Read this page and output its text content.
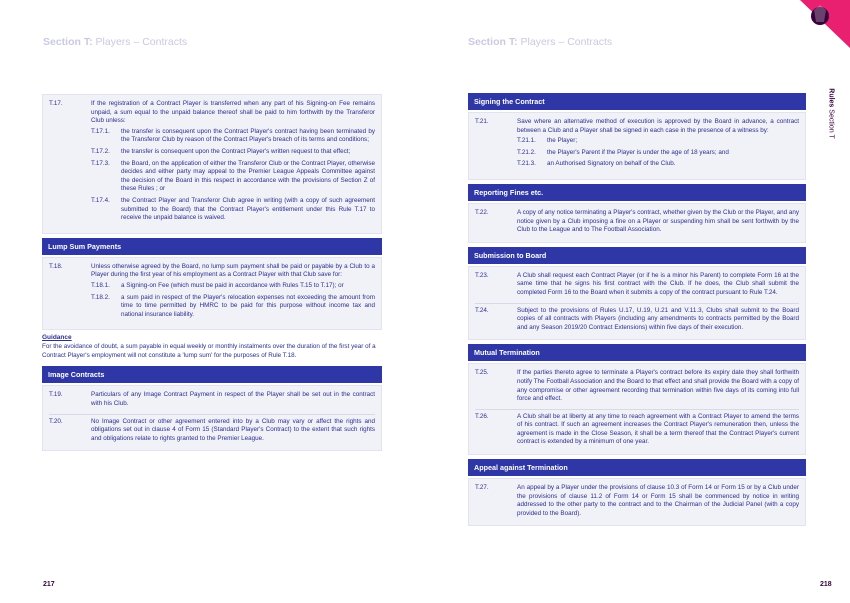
Section T: Players – Contracts	Section T: Players – Contracts
Rules Section T
217	218
T.17.	If the registration of a Contract Player is transferred when any part of his Signing-on Fee remains unpaid, a sum equal to the unpaid balance thereof shall be paid to him forthwith by the Transferor Club unless:
T.17.1.	the transfer is consequent upon the Contract Player's contract having been terminated by the Transferor Club by reason of the Contract Player's breach of its terms and conditions;
T.17.2.	the transfer is consequent upon the Contract Player's written request to that effect;
T.17.3.	the Board, on the application of either the Transferor Club or the Contract Player, otherwise decides and either party may appeal to the Premier League Appeals Committee against the decision of the Board in this respect in accordance with the provisions of Section Z of these Rules ; or
T.17.4.	the Contract Player and Transferor Club agree in writing (with a copy of such agreement submitted to the Board) that the Contract Player's entitlement under this Rule T.17 to receive the unpaid balance is waived.
Lump Sum Payments
T.18.	Unless otherwise agreed by the Board, no lump sum payment shall be paid or payable by a Club to a Player during the first year of his employment as a Contract Player with that Club save for:
T.18.1.	a Signing-on Fee (which must be paid in accordance with Rules T.15 to T.17); or
T.18.2.	a sum paid in respect of the Player's relocation expenses not exceeding the amount from time to time permitted by HMRC to be paid for this purpose without income tax and national insurance liability.
Guidance
For the avoidance of doubt, a sum payable in equal weekly or monthly instalments over the duration of the first year of a Contract Player's employment will not constitute a 'lump sum' for the purposes of Rule T.18.
Image Contracts
T.19.	Particulars of any Image Contract Payment in respect of the Player shall be set out in the contract with his Club.
T.20.	No Image Contract or other agreement entered into by a Club may vary or affect the rights and obligations set out in clause 4 of Form 15 (Standard Player's Contract) to the extent that such rights and obligations relate to rights granted to the Premier League.
Signing the Contract
T.21.	Save where an alternative method of execution is approved by the Board in advance, a contract between a Club and a Player shall be signed in each case in the presence of a witness by:
T.21.1.	the Player;
T.21.2.	the Player's Parent if the Player is under the age of 18 years; and
T.21.3.	an Authorised Signatory on behalf of the Club.
Reporting Fines etc.
T.22.	A copy of any notice terminating a Player's contract, whether given by the Club or the Player, and any notice given by a Club imposing a fine on a Player or suspending him shall be sent forthwith by the Club to the League and to The Football Association.
Submission to Board
T.23.	A Club shall request each Contract Player (or if he is a minor his Parent) to complete Form 16 at the same time that he signs his first contract with the Club. If he does, the Club shall submit the completed Form 16 to the Board when it submits a copy of the contract pursuant to Rule T.24.
T.24.	Subject to the provisions of Rules U.17, U.19, U.21 and V.11.3, Clubs shall submit to the Board copies of all contracts with Players (including any amendments to contracts permitted by the Board and any Season 2019/20 Contract Extensions) within five days of their execution.
Mutual Termination
T.25.	If the parties thereto agree to terminate a Player's contract before its expiry date they shall forthwith notify The Football Association and the Board to that effect and shall provide the Board with a copy of any compromise or other agreement recording that termination within five days of its coming into full force and effect.
T.26.	A Club shall be at liberty at any time to reach agreement with a Contract Player to amend the terms of his contract. If such an agreement increases the Contract Player's remuneration then, unless the agreement is made in the Close Season, it shall be a term thereof that the Contract Player's current contract is extended by a minimum of one year.
Appeal against Termination
T.27.	An appeal by a Player under the provisions of clause 10.3 of Form 14 or Form 15 or by a Club under the provisions of clause 11.2 of Form 14 or Form 15 shall be commenced by notice in writing addressed to the other party to the contract and to the Chairman of the Judicial Panel (with a copy provided to the Board).
